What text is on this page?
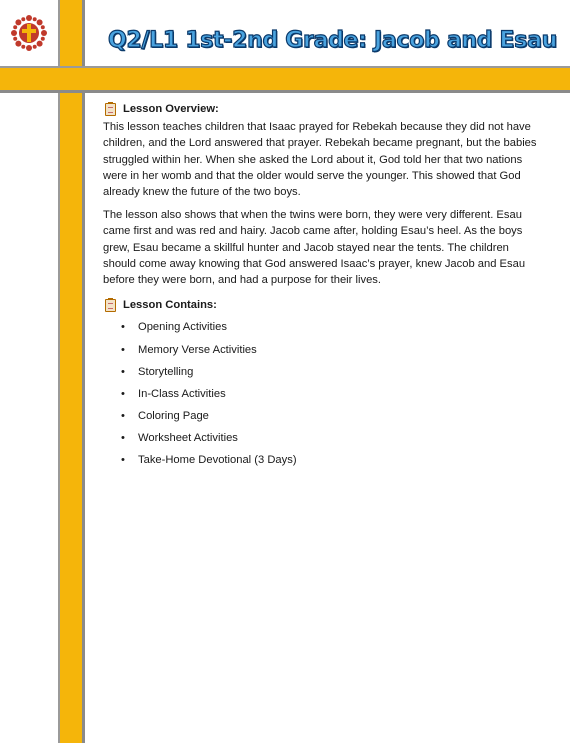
Q2/L1 1st-2nd Grade: Jacob and Esau
Lesson Overview:

This lesson teaches children that Isaac prayed for Rebekah because they did not have children, and the Lord answered that prayer. Rebekah became pregnant, but the babies struggled within her. When she asked the Lord about it, God told her that two nations were in her womb and that the older would serve the younger. This showed that God already knew the future of the two boys.

The lesson also shows that when the twins were born, they were very different. Esau came first and was red and hairy. Jacob came after, holding Esau’s heel. As the boys grew, Esau became a skillful hunter and Jacob stayed near the tents. The children should come away knowing that God answered Isaac’s prayer, knew Jacob and Esau before they were born, and had a purpose for their lives.

Lesson Contains:
• Opening Activities
• Memory Verse Activities
• Storytelling
• In-Class Activities
• Coloring Page
• Worksheet Activities
• Take-Home Devotional (3 Days)
